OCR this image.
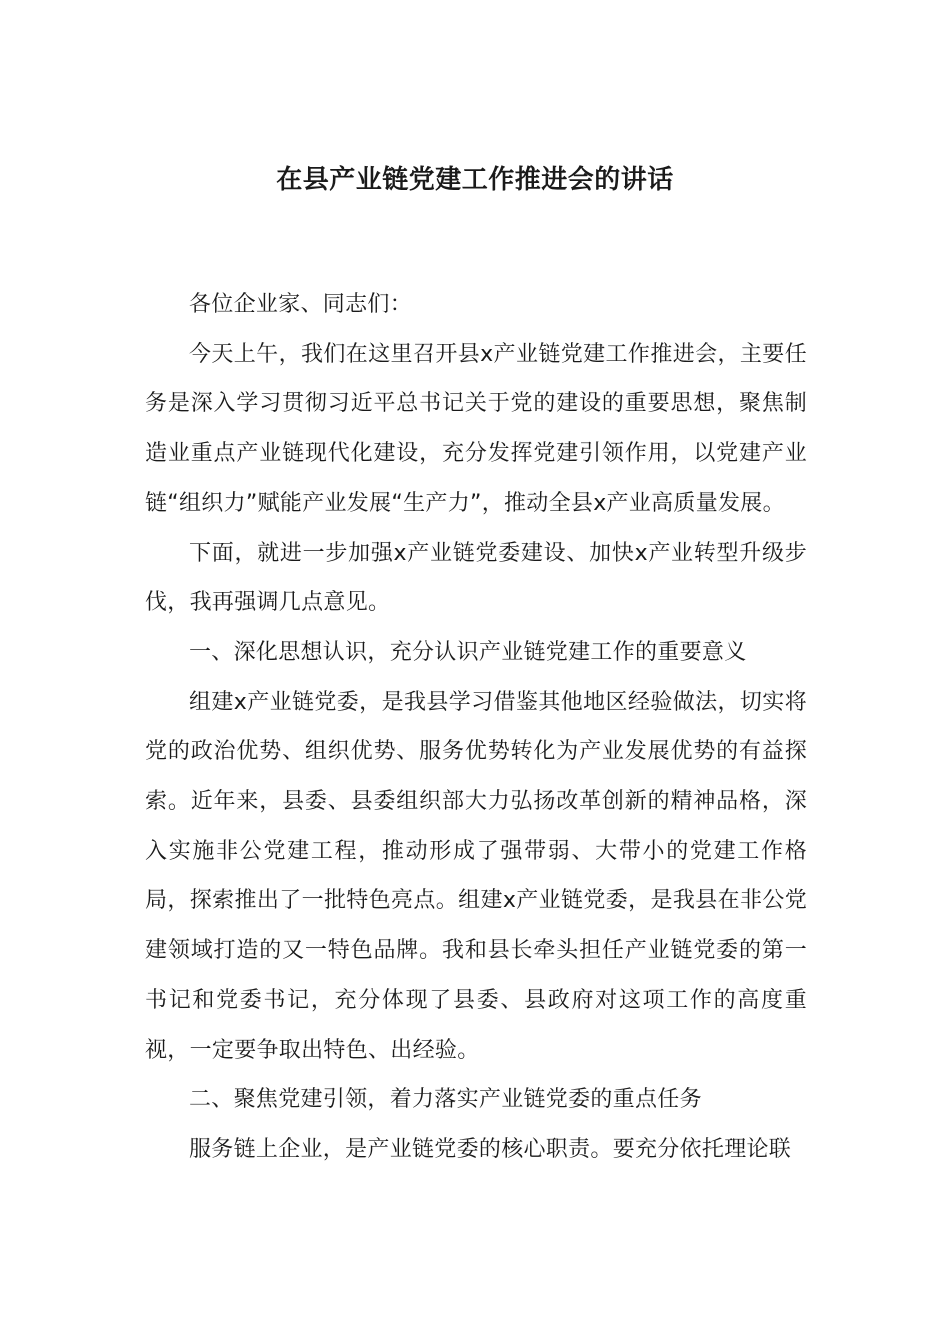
在县产业链党建工作推进会的讲话

各位企业家、同志们：

今天上午，我们在这里召开县x产业链党建工作推进会，主要任务是深入学习贯彻习近平总书记关于党的建设的重要思想，聚焦制造业重点产业链现代化建设，充分发挥党建引领作用，以党建产业链“组织力”赋能产业发展“生产力”，推动全县x产业高质量发展。

下面，就进一步加强x产业链党委建设、加快x产业转型升级步伐，我再强调几点意见。

一、深化思想认识，充分认识产业链党建工作的重要意义

组建x产业链党委，是我县学习借鉴其他地区经验做法，切实将党的政治优势、组织优势、服务优势转化为产业发展优势的有益探索。近年来，县委、县委组织部大力弘扬改革创新的精神品格，深入实施非公党建工程，推动形成了强带弱、大带小的党建工作格局，探索推出了一批特色亮点。组建x产业链党委，是我县在非公党建领域打造的又一特色品牌。我和县长牵头担任产业链党委的第一书记和党委书记，充分体现了县委、县政府对这项工作的高度重视，一定要争取出特色、出经验。

二、聚焦党建引领，着力落实产业链党委的重点任务

服务链上企业，是产业链党委的核心职责。要充分依托理论联
